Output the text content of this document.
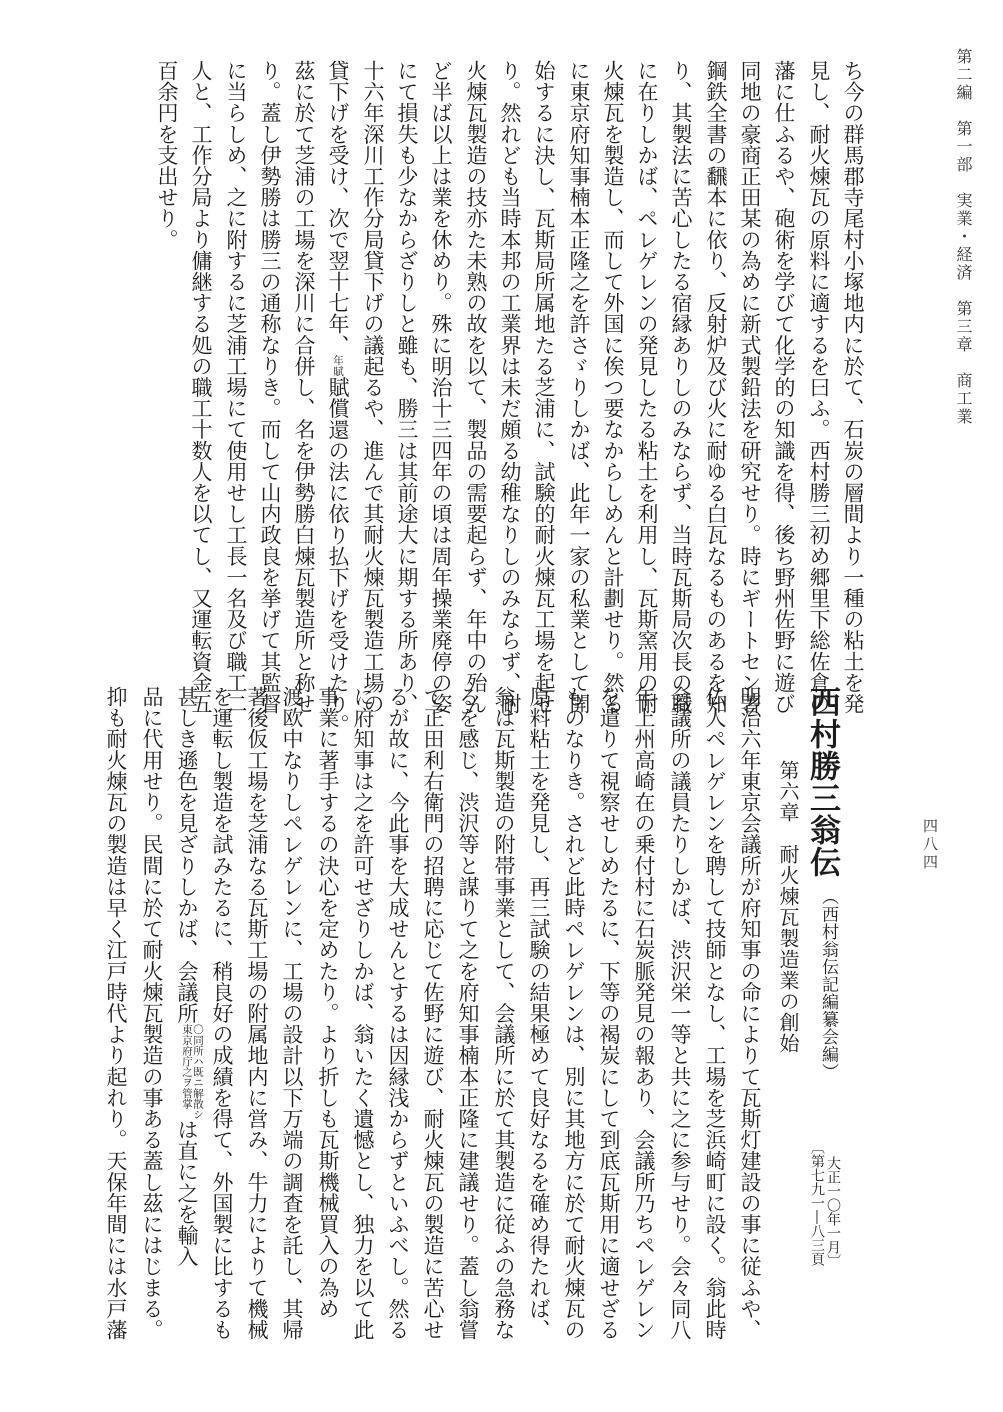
第二編　第一部　実業・経済　第三章　商工業
四八四
ち今の群馬郡寺尾村小塚地内に於て、石炭の層間より一種の粘土を発
見し、耐火煉瓦の原料に適するを曰ふ。西村勝三初め郷里下総佐倉の
藩に仕ふるや、砲術を学びて化学的の知識を得、後ち野州佐野に遊び
同地の豪商正田某の為めに新式製鉛法を研究せり。時にギートセン著
鋼鉄全書の飜本に依り、反射炉及び火に耐ゆる白瓦なるものあるを知
り、其製法に苦心したる宿縁ありしのみならず、当時瓦斯局次長の職
に在りしかば、ペレゲレンの発見したる粘土を利用し、瓦斯窯用の耐
火煉瓦を製造し、而して外国に俟つ要なからしめんと計劃せり。然る
に東京府知事楠本正隆之を許さゞりしかば、此年一家の私業として開
始するに決し、瓦斯局所属地たる芝浦に、試験的耐火煉瓦工場を起せ
り。然れども当時本邦の工業界は未だ頗る幼稚なりしのみならず、耐
火煉瓦製造の技亦た未熟の故を以て、製品の需要起らず、年中の殆ん
ど半ば以上は業を休めり。殊に明治十三四年の頃は周年操業廃停の姿
にて損失も少なからざりしと雖も、勝三は其前途大に期する所あり、
十六年深川工作分局貸下げの議起るや、進んで其耐火煉瓦製造工場の
貸下げを受け、次で翌十七年、
年賦
賦償還の法に依り払下げを受けたり。
茲に於て芝浦の工場を深川に合併し、名を伊勢勝白煉瓦製造所と称せ
り。蓋し伊勢勝は勝三の通称なりき。而して山内政良を挙げて其監督
に当らしめ、之に附するに芝浦工場にて使用せし工長一名及び職工二
人と、工作分局より傭継する処の職工十数人を以てし、又運転資金五
百余円を支出せり。
西村勝三翁伝
（西村翁伝記編纂会編）
〔第七九一―八三頁 大正一〇年一月〕
第六章　耐火煉瓦製造業の創始
明治六年東京会議所が府知事の命によりて瓦斯灯建設の事に従ふや、
仏人ペレゲレンを聘して技師となし、工場を芝浜崎町に設く。翁此時
会議所の議員たりしかば、渋沢栄一等と共に之に参与せり。会々同八
年上州高崎在の乗付村に石炭脈発見の報あり、会議所乃ちペレゲレン
を遣りて視察せしめたるに、下等の褐炭にして到底瓦斯用に適せざる
ものなりき。されど此時ペレゲレンは、別に其地方に於て耐火煉瓦の
原料粘土を発見し、再三試験の結果極めて良好なるを確め得たれば、
翁は瓦斯製造の附帯事業として、会議所に於て其製造に従ふの急務な
るを感じ、渋沢等と謀りて之を府知事楠本正隆に建議せり。蓋し翁嘗
て正田利右衛門の招聘に応じて佐野に遊び、耐火煉瓦の製造に苦心せ
るが故に、今此事を大成せんとするは因縁浅からずといふべし。然る
に府知事は之を許可せざりしかば、翁いたく遺憾とし、独力を以て此
事業に著手するの決心を定めたり。より折しも瓦斯機械買入の為め
渡欧中なりしペレゲレンに、工場の設計以下万端の調査を託し、其帰
著後仮工場を芝浦なる瓦斯工場の附属地内に営み、牛力によりて機械
を運転し製造を試みたるに、稍良好の成績を得て、外国製に比するも
甚しき遜色を見ざりしかば、会議所
〇同所ハ既ニ解散シ
東京府庁之ヲ管掌
は直に之を輸入
品に代用せり。民間に於て耐火煉瓦製造の事ある蓋し茲にはじまる。
抑も耐火煉瓦の製造は早く江戸時代より起れり。天保年間には水戸藩
